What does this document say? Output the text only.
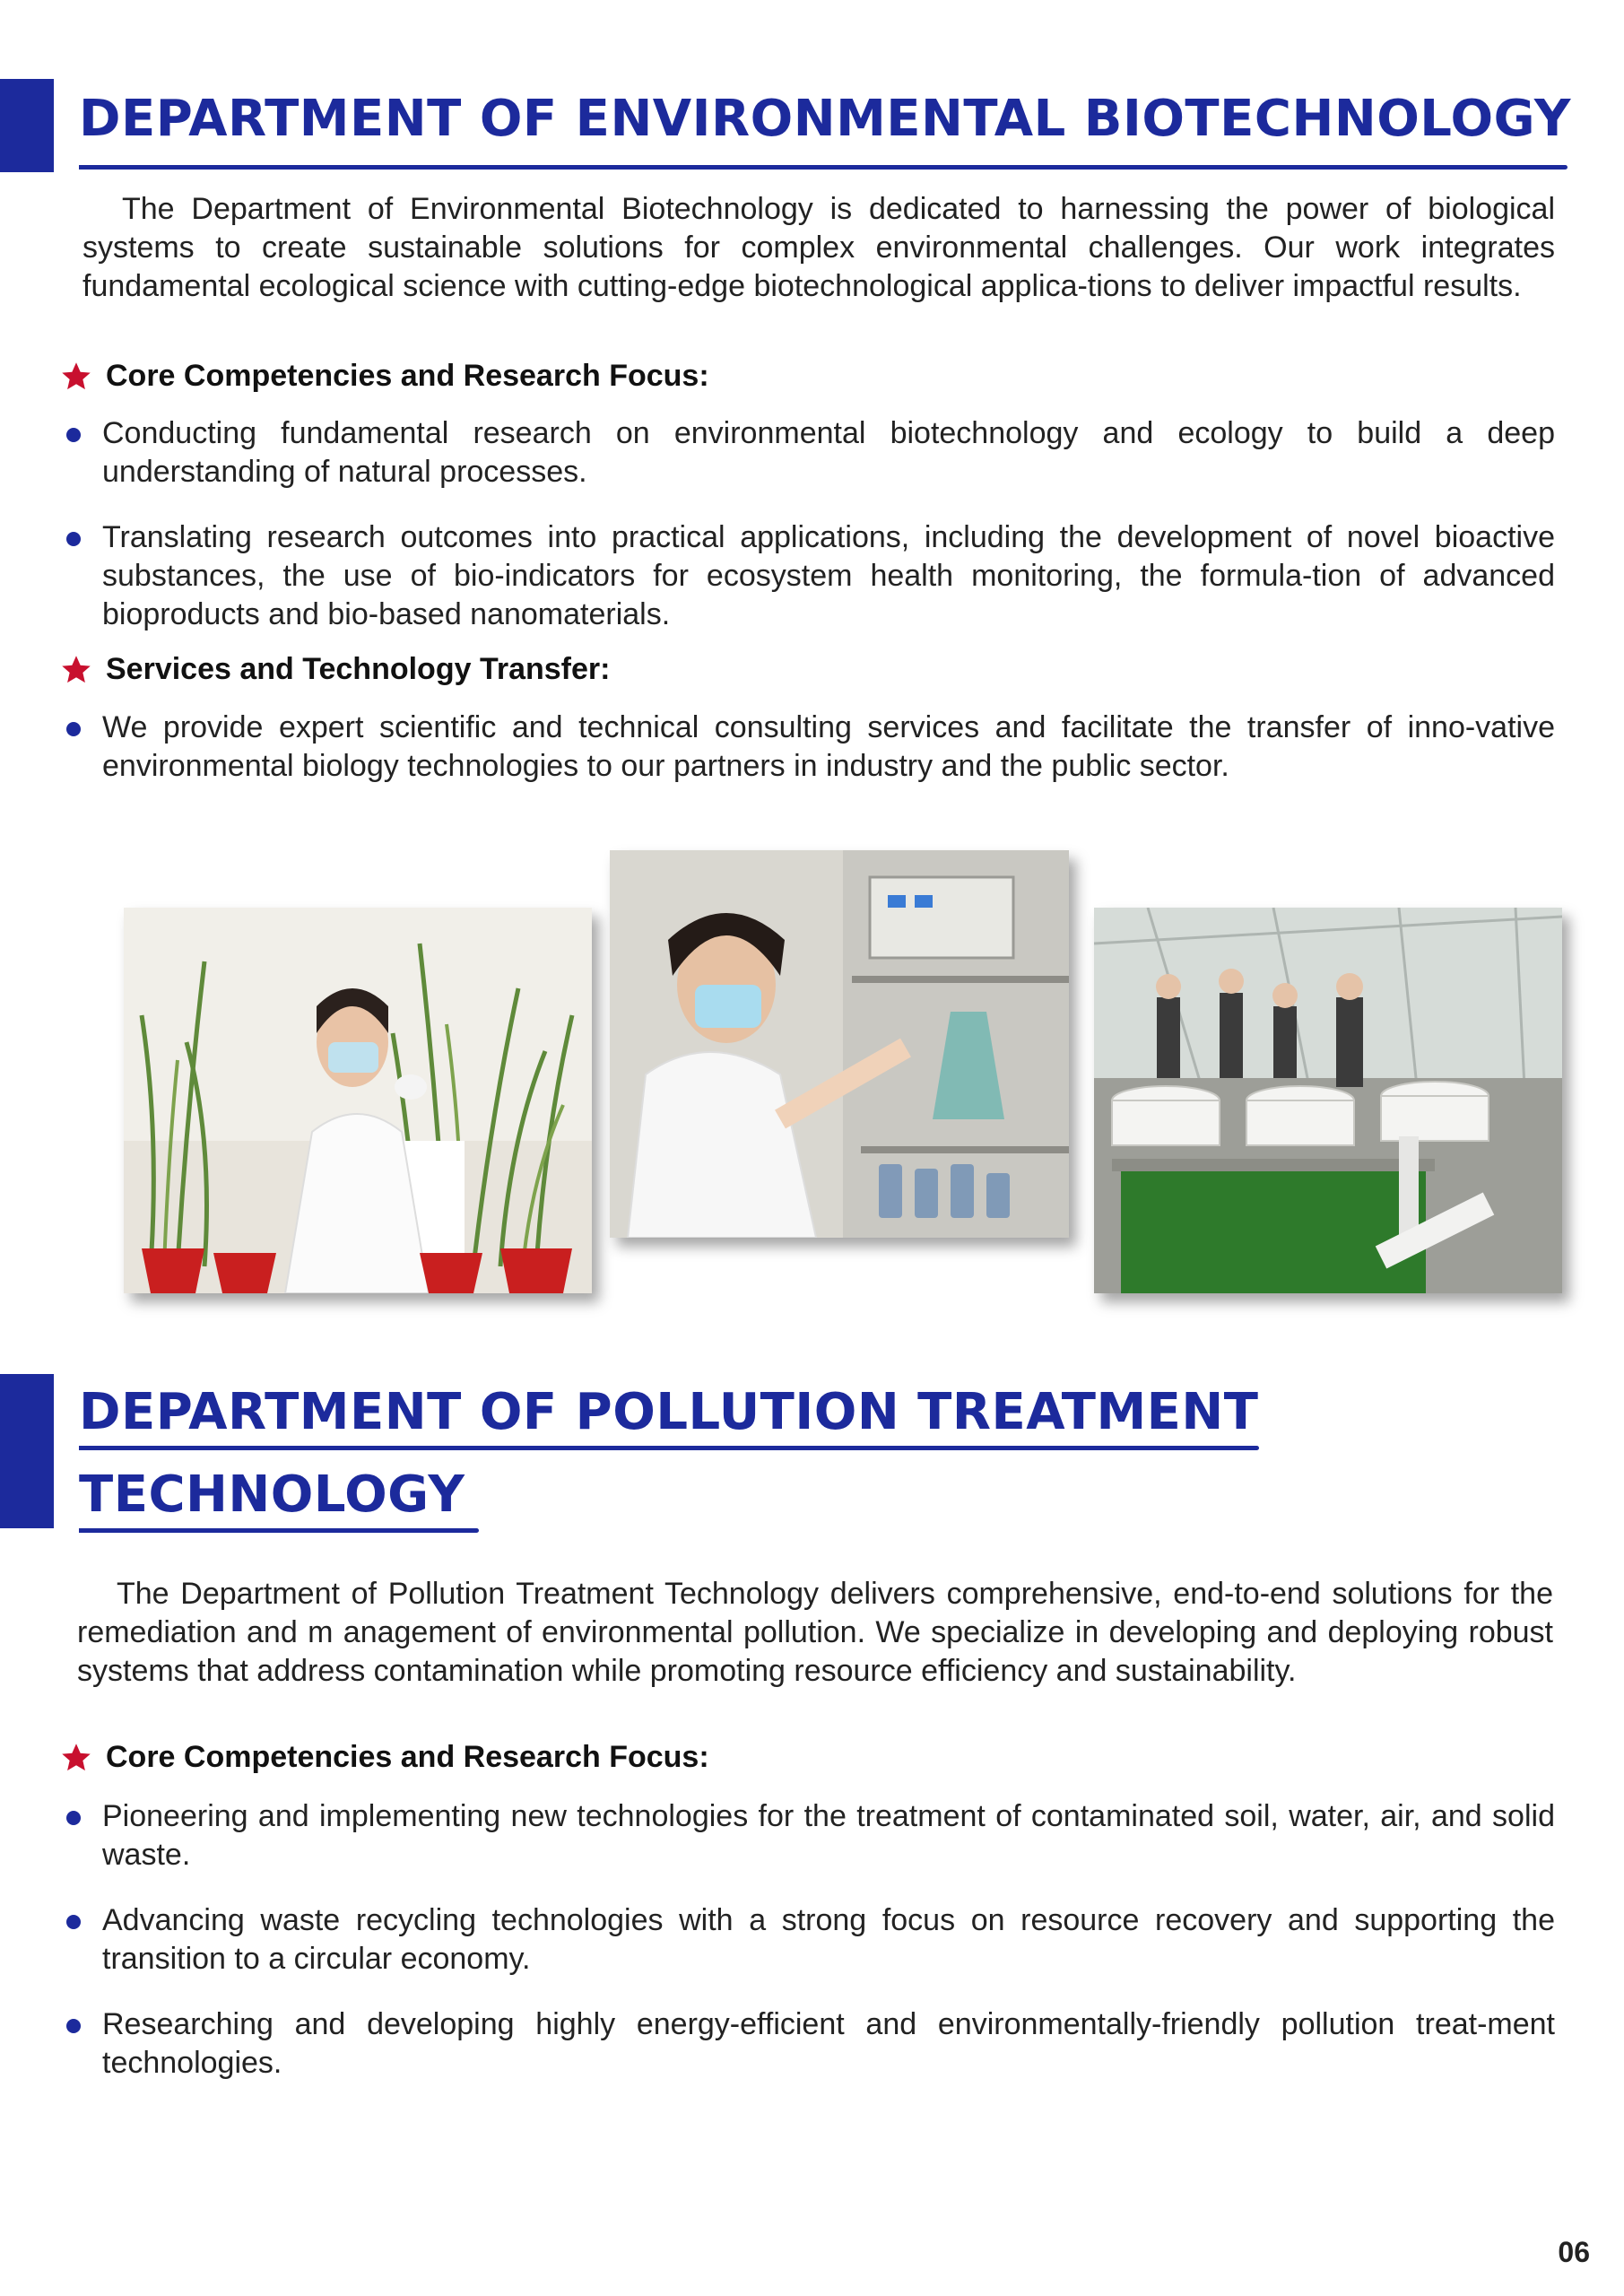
DEPARTMENT OF ENVIRONMENTAL BIOTECHNOLOGY

The Department of Environmental Biotechnology is dedicated to harnessing the power of biological systems to create sustainable solutions for complex environmental challenges. Our work integrates fundamental ecological science with cutting-edge biotechnological applica-tions to deliver impactful results.

Core Competencies and Research Focus:

Conducting fundamental research on environmental biotechnology and ecology to build a deep understanding of natural processes.

Translating research outcomes into practical applications, including the development of novel bioactive substances, the use of bio-indicators for ecosystem health monitoring, the formula-tion of advanced bioproducts and bio-based nanomaterials.

Services and Technology Transfer:

We provide expert scientific and technical consulting services and facilitate the transfer of inno-vative environmental biology technologies to our partners in industry and the public sector.

DEPARTMENT OF POLLUTION TREATMENT
TECHNOLOGY

The Department of Pollution Treatment Technology delivers comprehensive, end-to-end solutions for the remediation and m anagement of environmental pollution. We specialize in developing and deploying robust systems that address contamination while promoting resource efficiency and sustainability.

Core Competencies and Research Focus:

Pioneering and implementing new technologies for the treatment of contaminated soil, water, air, and solid waste.

Advancing waste recycling technologies with a strong focus on resource recovery and supporting the transition to a circular economy.

Researching and developing highly energy-efficient and environmentally-friendly pollution treat-ment technologies.

06
